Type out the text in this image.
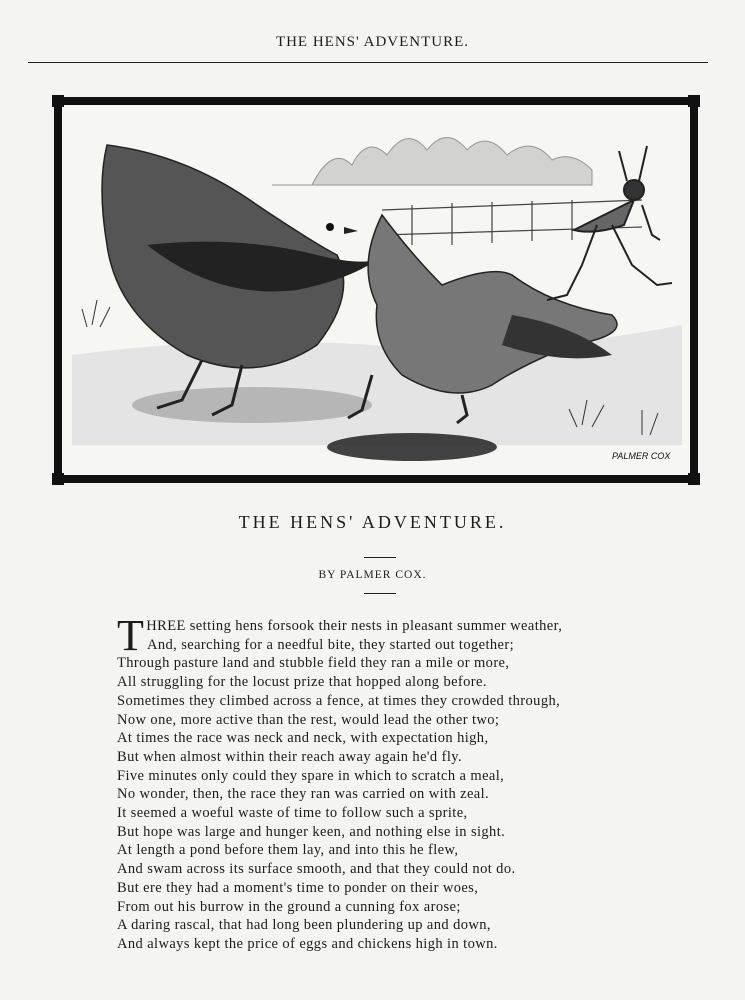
THE HENS' ADVENTURE.
PALMER COX
THE HENS' ADVENTURE.
BY PALMER COX.
THREE setting hens forsook their nests in pleasant summer weather,
And, searching for a needful bite, they started out together;
Through pasture land and stubble field they ran a mile or more,
All struggling for the locust prize that hopped along before.
Sometimes they climbed across a fence, at times they crowded through,
Now one, more active than the rest, would lead the other two;
At times the race was neck and neck, with expectation high,
But when almost within their reach away again he'd fly.
Five minutes only could they spare in which to scratch a meal,
No wonder, then, the race they ran was carried on with zeal.
It seemed a woeful waste of time to follow such a sprite,
But hope was large and hunger keen, and nothing else in sight.
At length a pond before them lay, and into this he flew,
And swam across its surface smooth, and that they could not do.
But ere they had a moment's time to ponder on their woes,
From out his burrow in the ground a cunning fox arose;
A daring rascal, that had long been plundering up and down,
And always kept the price of eggs and chickens high in town.
